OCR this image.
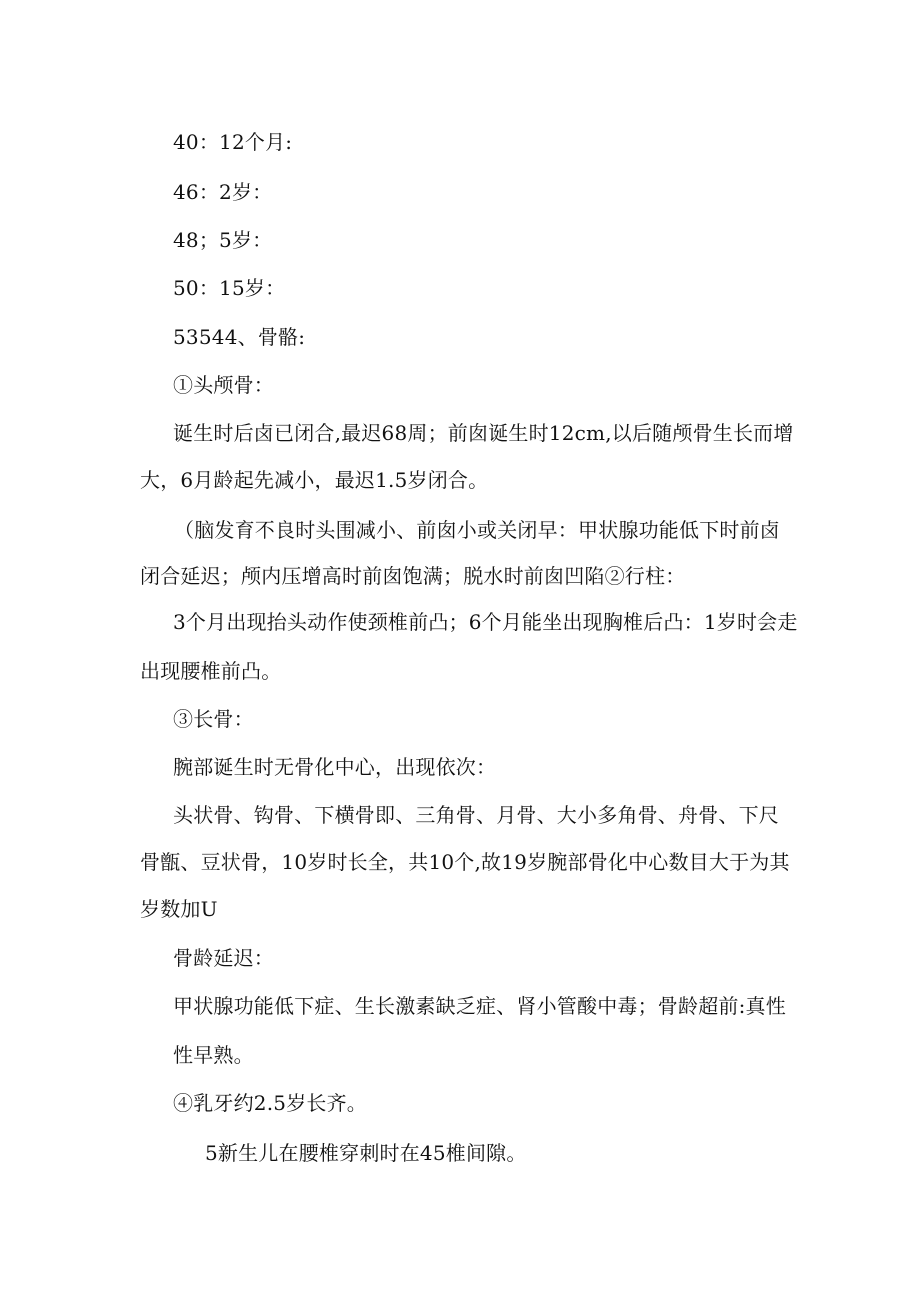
40：12个月:

46：2岁：

48；5岁：

50：15岁：

53544、骨骼:

①头颅骨：

诞生时后卤已闭合,最迟68周；前囱诞生时12cm,以后随颅骨生长而增

大，6月龄起先减小，最迟1.5岁闭合。

（脑发育不良时头围减小、前囱小或关闭早：甲状腺功能低下时前卤

闭合延迟；颅内压增高时前囱饱满；脱水时前囱凹陷②行柱：

3个月出现抬头动作使颈椎前凸；6个月能坐出现胸椎后凸：1岁时会走

出现腰椎前凸。

③长骨：

腕部诞生时无骨化中心，出现依次：

头状骨、钩骨、下横骨即、三角骨、月骨、大小多角骨、舟骨、下尺

骨甑、豆状骨，10岁时长全，共10个,故19岁腕部骨化中心数目大于为其

岁数加U

骨龄延迟：

甲状腺功能低下症、生长激素缺乏症、肾小管酸中毒；骨龄超前:真性

性早熟。

④乳牙约2.5岁长齐。

5新生儿在腰椎穿刺时在45椎间隙。
